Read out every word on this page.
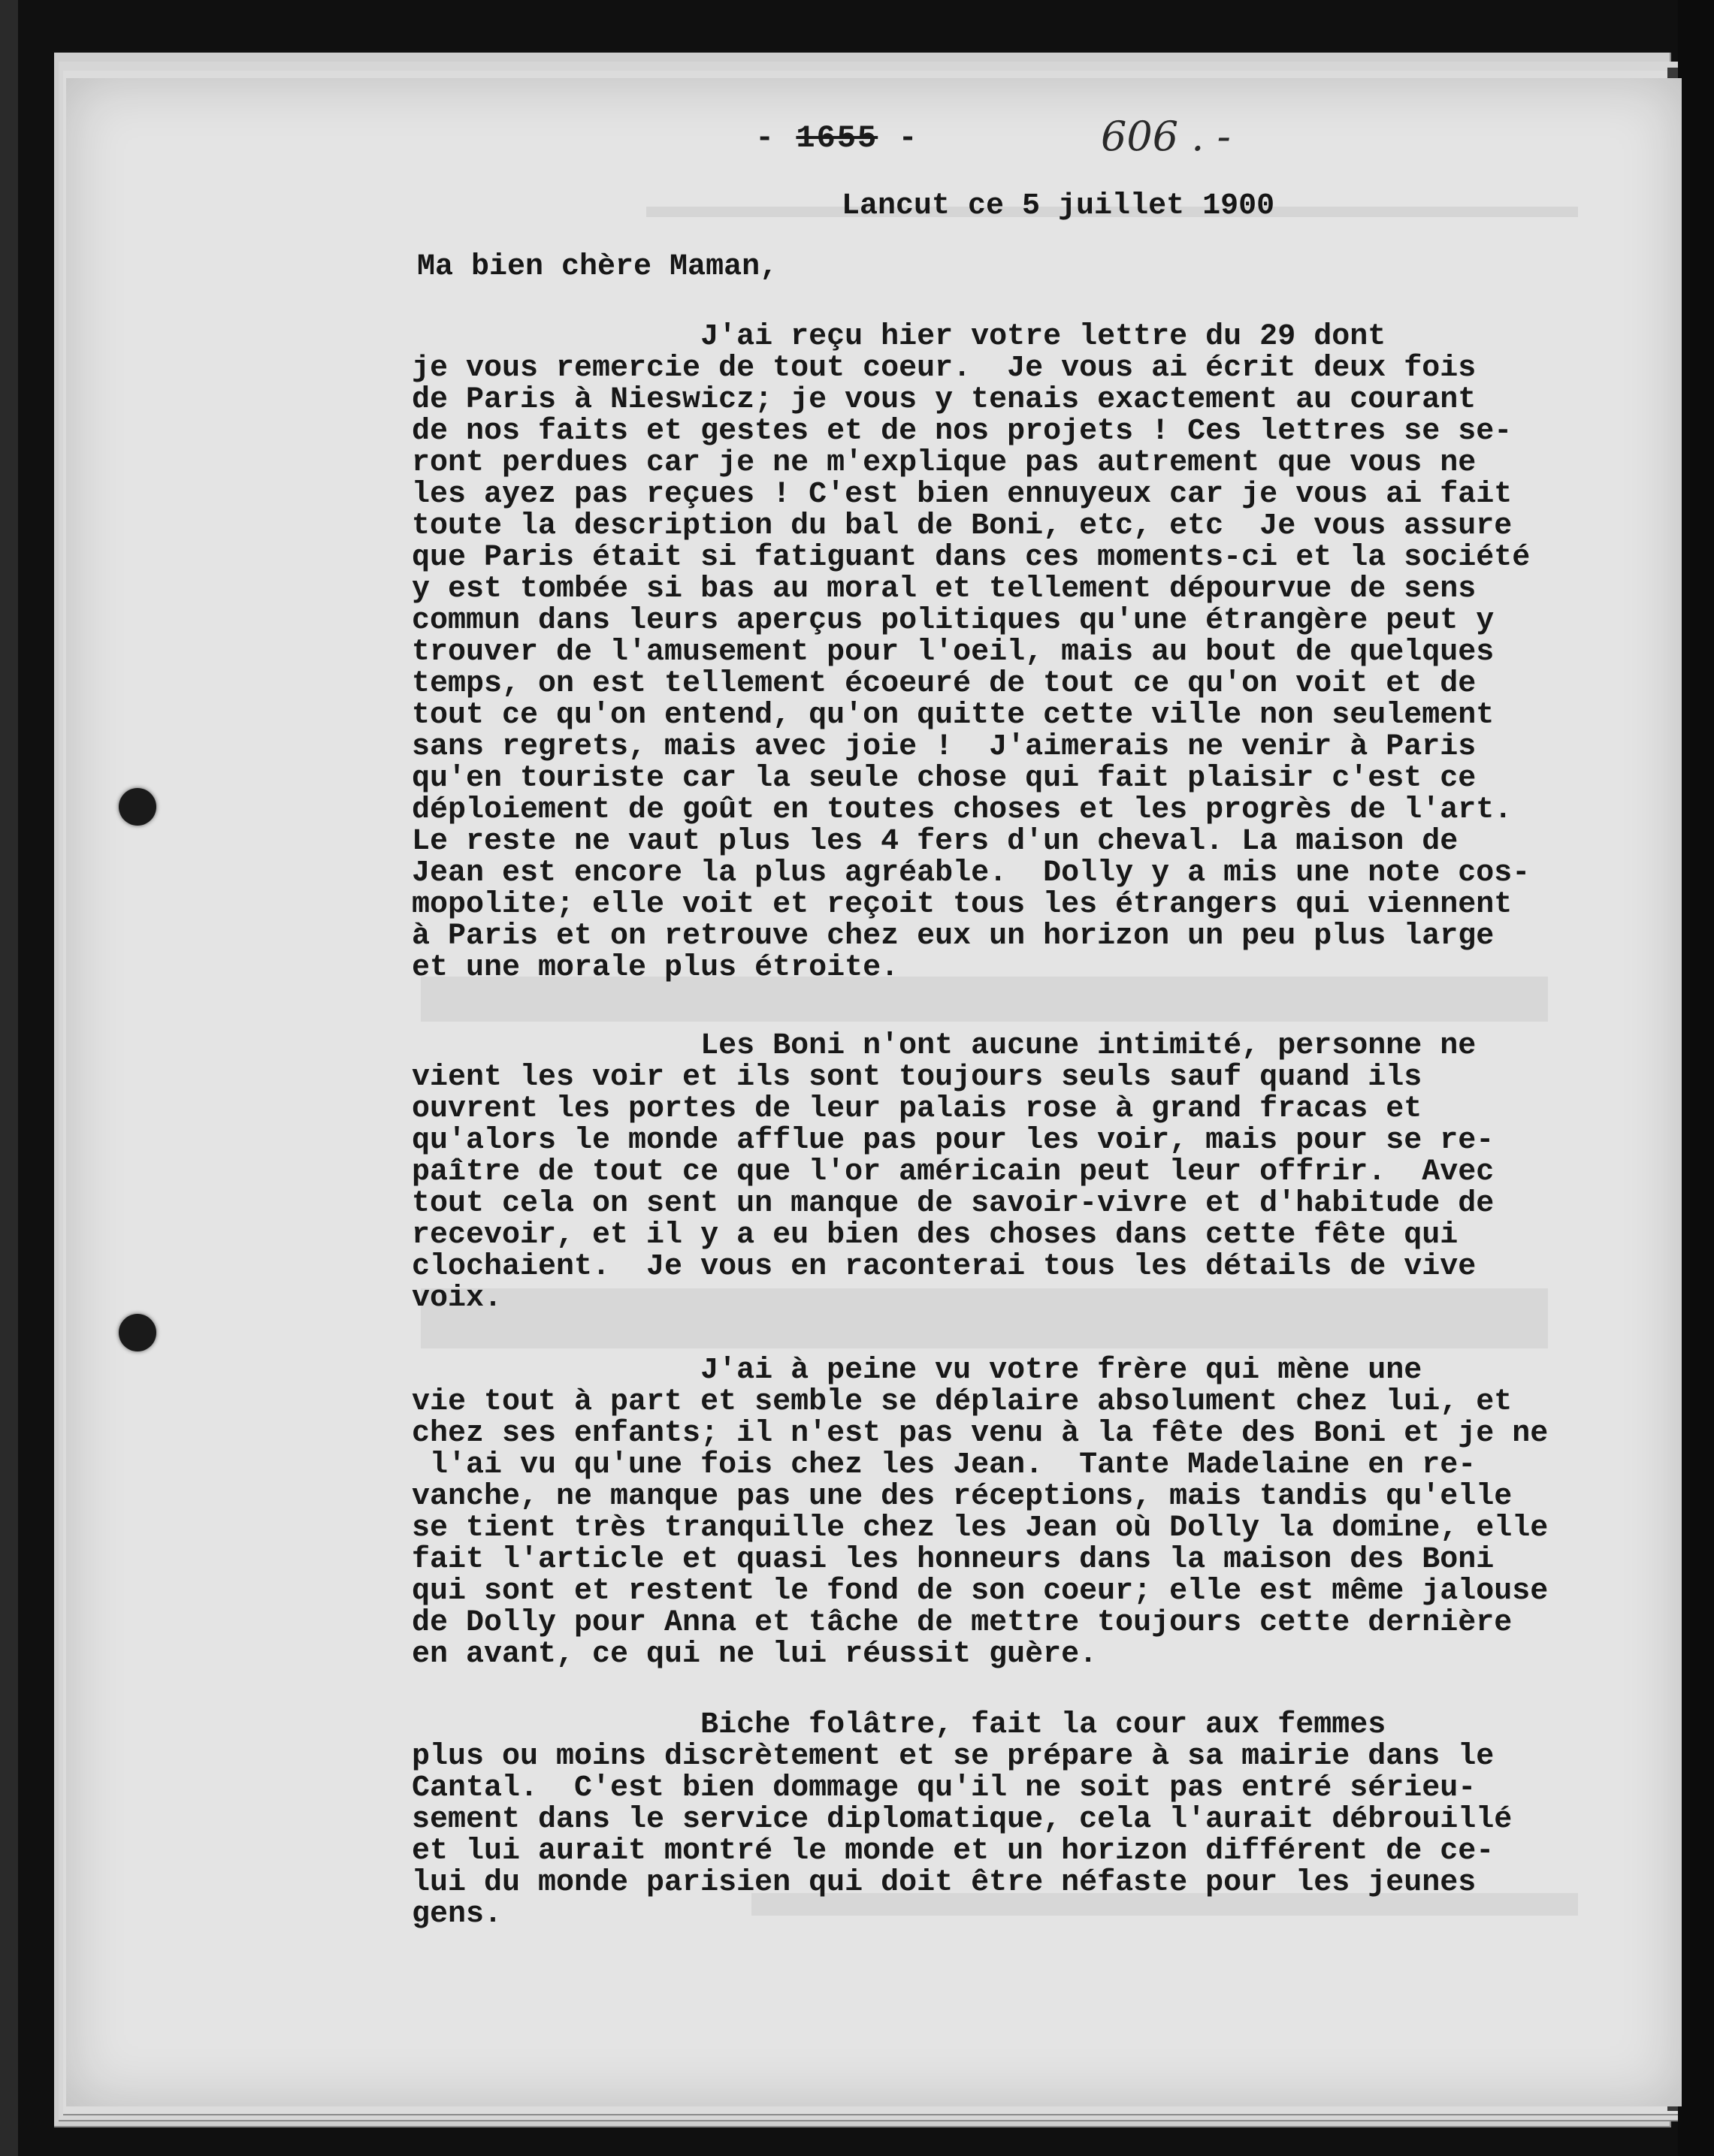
- 1655 -	606 . -
Lancut ce 5 juillet 1900
Ma bien chère Maman,
J'ai reçu hier votre lettre du 29 dont
je vous remercie de tout coeur.  Je vous ai écrit deux fois
de Paris à Nieswicz; je vous y tenais exactement au courant
de nos faits et gestes et de nos projets ! Ces lettres se se-
ront perdues car je ne m'explique pas autrement que vous ne
les ayez pas reçues ! C'est bien ennuyeux car je vous ai fait
toute la description du bal de Boni, etc, etc  Je vous assure
que Paris était si fatiguant dans ces moments-ci et la société
y est tombée si bas au moral et tellement dépourvue de sens
commun dans leurs aperçus politiques qu'une étrangère peut y
trouver de l'amusement pour l'oeil, mais au bout de quelques
temps, on est tellement écoeuré de tout ce qu'on voit et de
tout ce qu'on entend, qu'on quitte cette ville non seulement
sans regrets, mais avec joie !  J'aimerais ne venir à Paris
qu'en touriste car la seule chose qui fait plaisir c'est ce
déploiement de goût en toutes choses et les progrès de l'art.
Le reste ne vaut plus les 4 fers d'un cheval. La maison de
Jean est encore la plus agréable.  Dolly y a mis une note cos-
mopolite; elle voit et reçoit tous les étrangers qui viennent
à Paris et on retrouve chez eux un horizon un peu plus large
et une morale plus étroite.
Les Boni n'ont aucune intimité, personne ne
vient les voir et ils sont toujours seuls sauf quand ils
ouvrent les portes de leur palais rose à grand fracas et
qu'alors le monde afflue pas pour les voir, mais pour se re-
paître de tout ce que l'or américain peut leur offrir.  Avec
tout cela on sent un manque de savoir-vivre et d'habitude de
recevoir, et il y a eu bien des choses dans cette fête qui
clochaient.  Je vous en raconterai tous les détails de vive
voix.
J'ai à peine vu votre frère qui mène une
vie tout à part et semble se déplaire absolument chez lui, et
chez ses enfants; il n'est pas venu à la fête des Boni et je ne
l'ai vu qu'une fois chez les Jean.  Tante Madelaine en re-
vanche, ne manque pas une des réceptions, mais tandis qu'elle
se tient très tranquille chez les Jean où Dolly la domine, elle
fait l'article et quasi les honneurs dans la maison des Boni
qui sont et restent le fond de son coeur; elle est même jalouse
de Dolly pour Anna et tâche de mettre toujours cette dernière
en avant, ce qui ne lui réussit guère.
Biche folâtre, fait la cour aux femmes
plus ou moins discrètement et se prépare à sa mairie dans le
Cantal.  C'est bien dommage qu'il ne soit pas entré sérieu-
sement dans le service diplomatique, cela l'aurait débrouillé
et lui aurait montré le monde et un horizon différent de ce-
lui du monde parisien qui doit être néfaste pour les jeunes
gens.
